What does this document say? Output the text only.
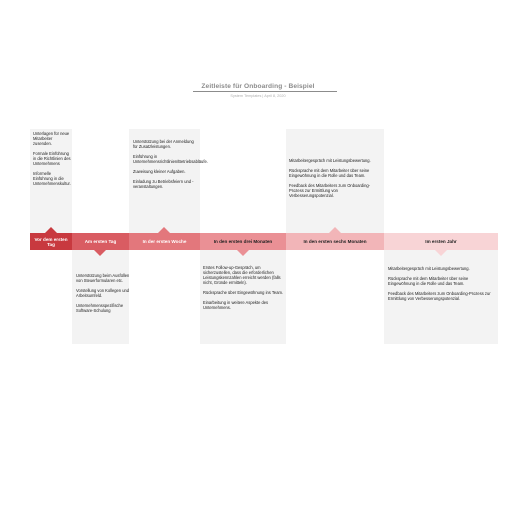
Zeitleiste für Onboarding - Beispiel
System Templates | April 8, 2020

Unterlagen für neue Mitarbeiter zusenden.

Formale Einführung in die Richtlinien des Unternehmens

Informelle Einführung in die Unternehmenskultur.

Unterstützung bei der Anmeldung für Zusatzleistungen.

Einführung in Unternehmensrichtlinien/Betriebsabläufe.

Zuweisung kleiner Aufgaben.

Einladung zu Betriebsfeiern und -veranstaltungen.

Mitarbeitergespräch mit Leistungsbewertung.

Rücksprache mit dem Mitarbeiter über seine Eingewöhnung in die Rolle und das Team.

Feedback des Mitarbeiters zum Onboarding-Prozess zur Ermittlung von Verbesserungspotenzial.

Unterstützung beim Ausfüllen von Steuerformularen etc.

Vorstellung von Kollegen und Arbeitsumfeld.

Unternehmensspezifische Software-Schulung

Erstes Follow-up-Gespräch, um sicherzustellen, dass die erforderlichen Leistungskennzahlen erreicht werden (falls nicht, Gründe ermitteln).

Rücksprache über Eingewöhnung ins Team.

Einarbeitung in weitere Aspekte des Unternehmens.

Mitarbeitergespräch mit Leistungsbewertung.

Rücksprache mit dem Mitarbeiter über seine Eingewöhnung in die Rolle und das Team.

Feedback des Mitarbeiters zum Onboarding-Prozess zur Ermittlung von Verbesserungspotenzial.

Vor dem ersten Tag	Am ersten Tag	In der ersten Woche	In den ersten drei Monaten	In den ersten sechs Monaten	Im ersten Jahr
